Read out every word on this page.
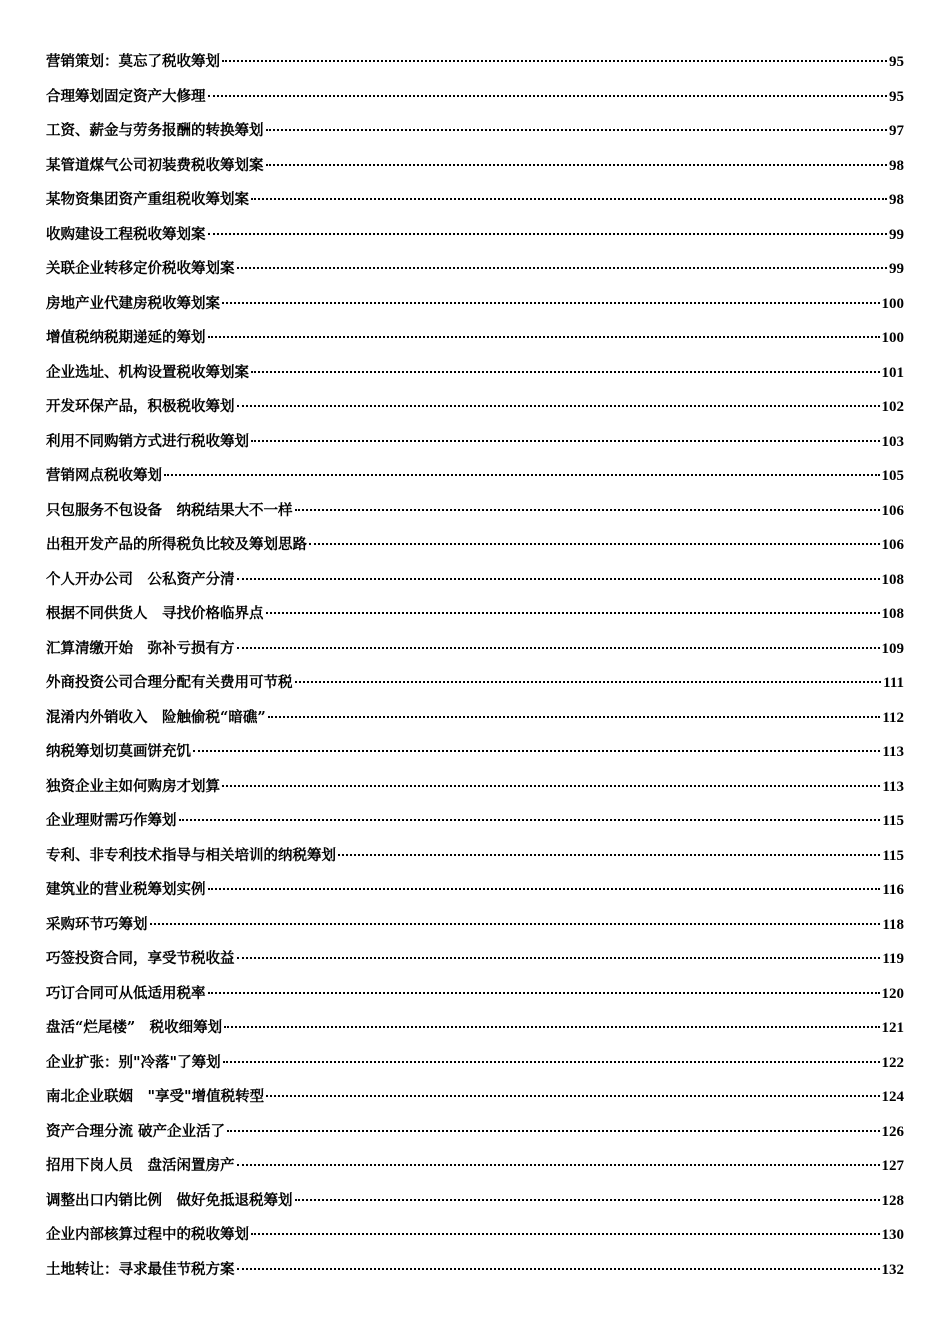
营销策划：莫忘了税收筹划	95
合理筹划固定资产大修理	95
工资、薪金与劳务报酬的转换筹划	97
某管道煤气公司初装费税收筹划案	98
某物资集团资产重组税收筹划案	98
收购建设工程税收筹划案	99
关联企业转移定价税收筹划案	99
房地产业代建房税收筹划案	100
增值税纳税期递延的筹划	100
企业选址、机构设置税收筹划案	101
开发环保产品，积极税收筹划	102
利用不同购销方式进行税收筹划	103
营销网点税收筹划	105
只包服务不包设备　纳税结果大不一样	106
出租开发产品的所得税负比较及筹划思路	106
个人开办公司　公私资产分清	108
根据不同供货人　寻找价格临界点	108
汇算清缴开始　弥补亏损有方	109
外商投资公司合理分配有关费用可节税	111
混淆内外销收入　险触偷税“暗礁”	112
纳税筹划切莫画饼充饥	113
独资企业主如何购房才划算	113
企业理财需巧作筹划	115
专利、非专利技术指导与相关培训的纳税筹划	115
建筑业的营业税筹划实例	116
采购环节巧筹划	118
巧签投资合同，享受节税收益	119
巧订合同可从低适用税率	120
盘活“烂尾楼”　税收细筹划	121
企业扩张：别"冷落"了筹划	122
南北企业联姻　"享受"增值税转型	124
资产合理分流 破产企业活了	126
招用下岗人员　盘活闲置房产	127
调整出口内销比例　做好免抵退税筹划	128
企业内部核算过程中的税收筹划	130
土地转让：寻求最佳节税方案	132
